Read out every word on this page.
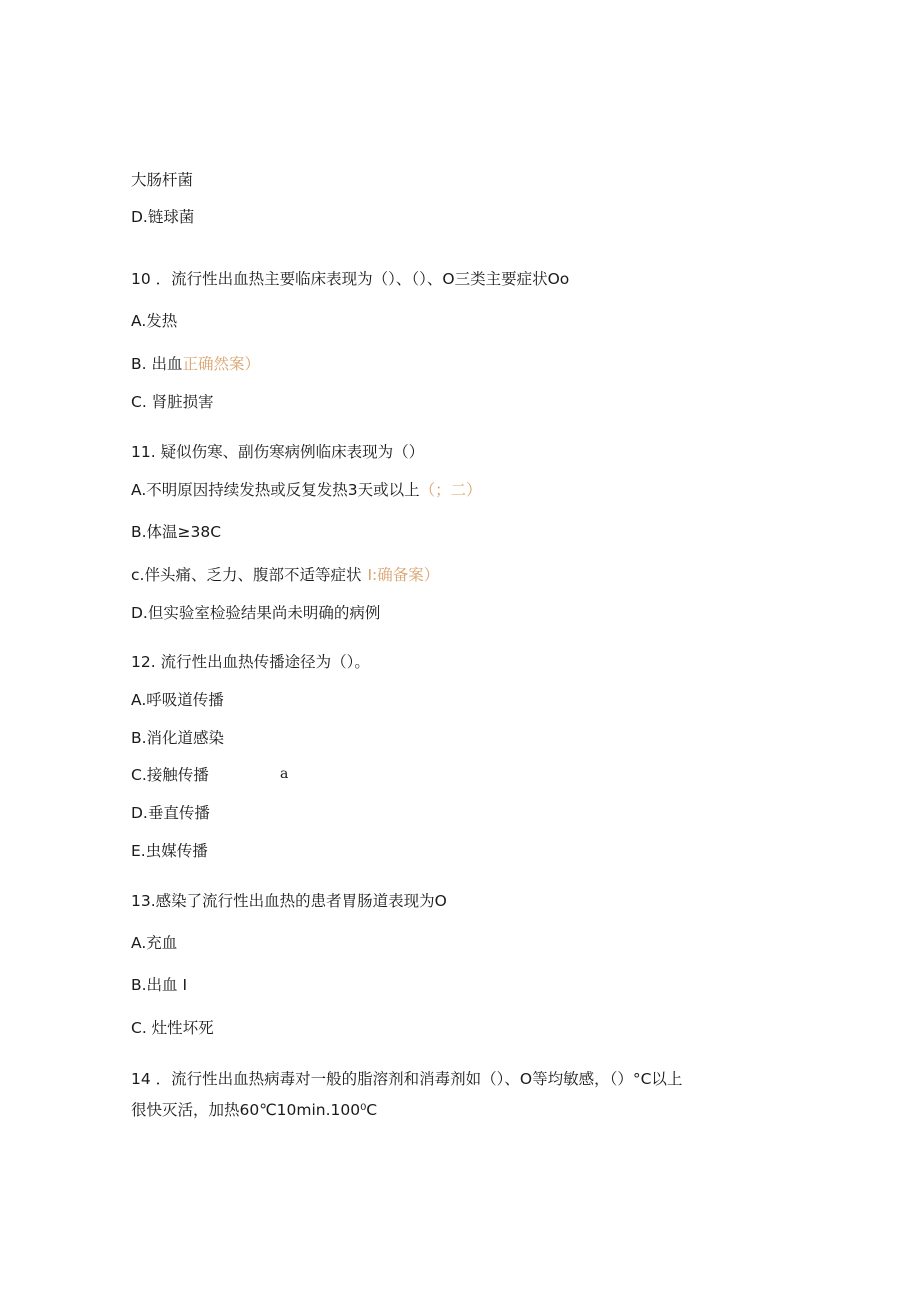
大肠杆菌
D.链球菌
10 ．流行性出血热主要临床表现为（）、（）、O三类主要症状Oo
A.发热
B. 出血正确然案）
C. 肾脏损害
11. 疑似伤寒、副伤寒病例临床表现为（）
A.不明原因持续发热或反复发热3天或以上（；二）
B.体温≥38C
c.伴头痛、乏力、腹部不适等症状 I:确备案）
D.但实验室检验结果尚未明确的病例
12. 流行性出血热传播途径为（）。
A.呼吸道传播
B.消化道感染
C.接触传播	a
D.垂直传播
E.虫媒传播
13.感染了流行性出血热的患者胃肠道表现为O
A.充血
B.出血 I
C. 灶性坏死
14 ．流行性出血热病毒对一般的脂溶剂和消毒剂如（）、O等均敏感，（）°C以上
很快灭活，加热60℃10min.100⁰C
